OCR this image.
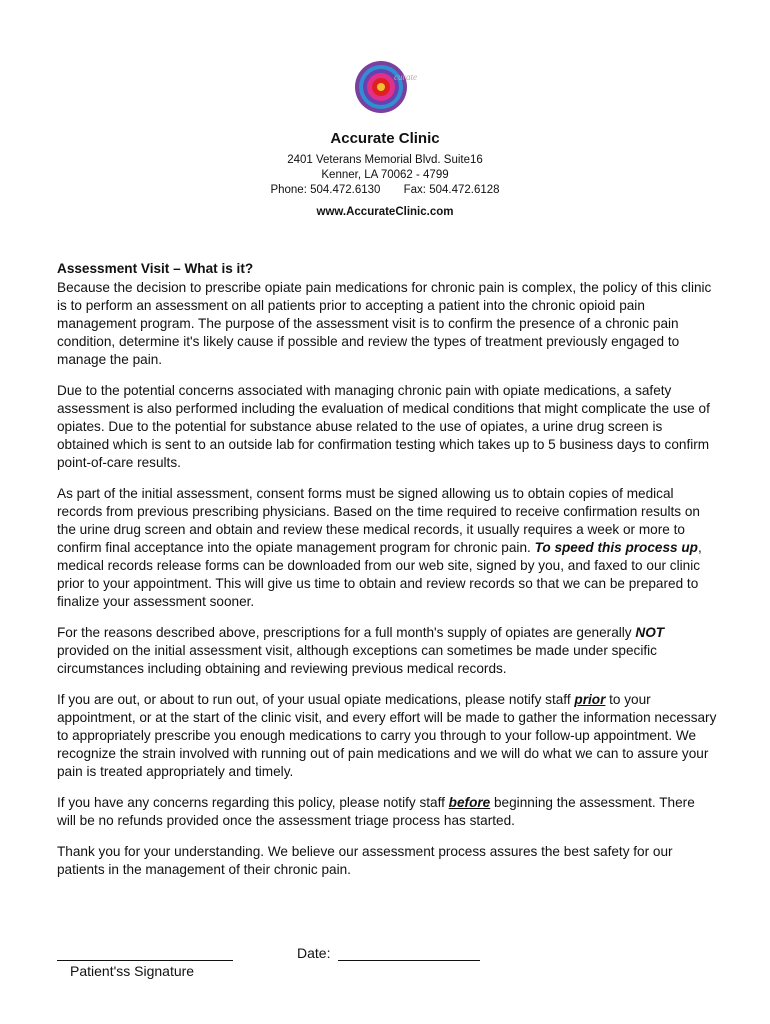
curate
Accurate Clinic
2401 Veterans Memorial Blvd. Suite16
Kenner, LA 70062 - 4799
Phone: 504.472.6130 Fax: 504.472.6128
www.AccurateClinic.com

Assessment Visit – What is it?

Because the decision to prescribe opiate pain medications for chronic pain is complex, the policy of this clinic is to perform an assessment on all patients prior to accepting a patient into the chronic opioid pain management program. The purpose of the assessment visit is to confirm the presence of a chronic pain condition, determine it's likely cause if possible and review the types of treatment previously engaged to manage the pain.

Due to the potential concerns associated with managing chronic pain with opiate medications, a safety assessment is also performed including the evaluation of medical conditions that might complicate the use of opiates. Due to the potential for substance abuse related to the use of opiates, a urine drug screen is obtained which is sent to an outside lab for confirmation testing which takes up to 5 business days to confirm point-of-care results.

As part of the initial assessment, consent forms must be signed allowing us to obtain copies of medical records from previous prescribing physicians. Based on the time required to receive confirmation results on the urine drug screen and obtain and review these medical records, it usually requires a week or more to confirm final acceptance into the opiate management program for chronic pain. To speed this process up, medical records release forms can be downloaded from our web site, signed by you, and faxed to our clinic prior to your appointment. This will give us time to obtain and review records so that we can be prepared to finalize your assessment sooner.

For the reasons described above, prescriptions for a full month's supply of opiates are generally NOT provided on the initial assessment visit, although exceptions can sometimes be made under specific circumstances including obtaining and reviewing previous medical records.

If you are out, or about to run out, of your usual opiate medications, please notify staff prior to your appointment, or at the start of the clinic visit, and every effort will be made to gather the information necessary to appropriately prescribe you enough medications to carry you through to your follow-up appointment. We recognize the strain involved with running out of pain medications and we will do what we can to assure your pain is treated appropriately and timely.

If you have any concerns regarding this policy, please notify staff before beginning the assessment. There will be no refunds provided once the assessment triage process has started.

Thank you for your understanding. We believe our assessment process assures the best safety for our patients in the management of their chronic pain.

Patient'ss Signature
Date:
